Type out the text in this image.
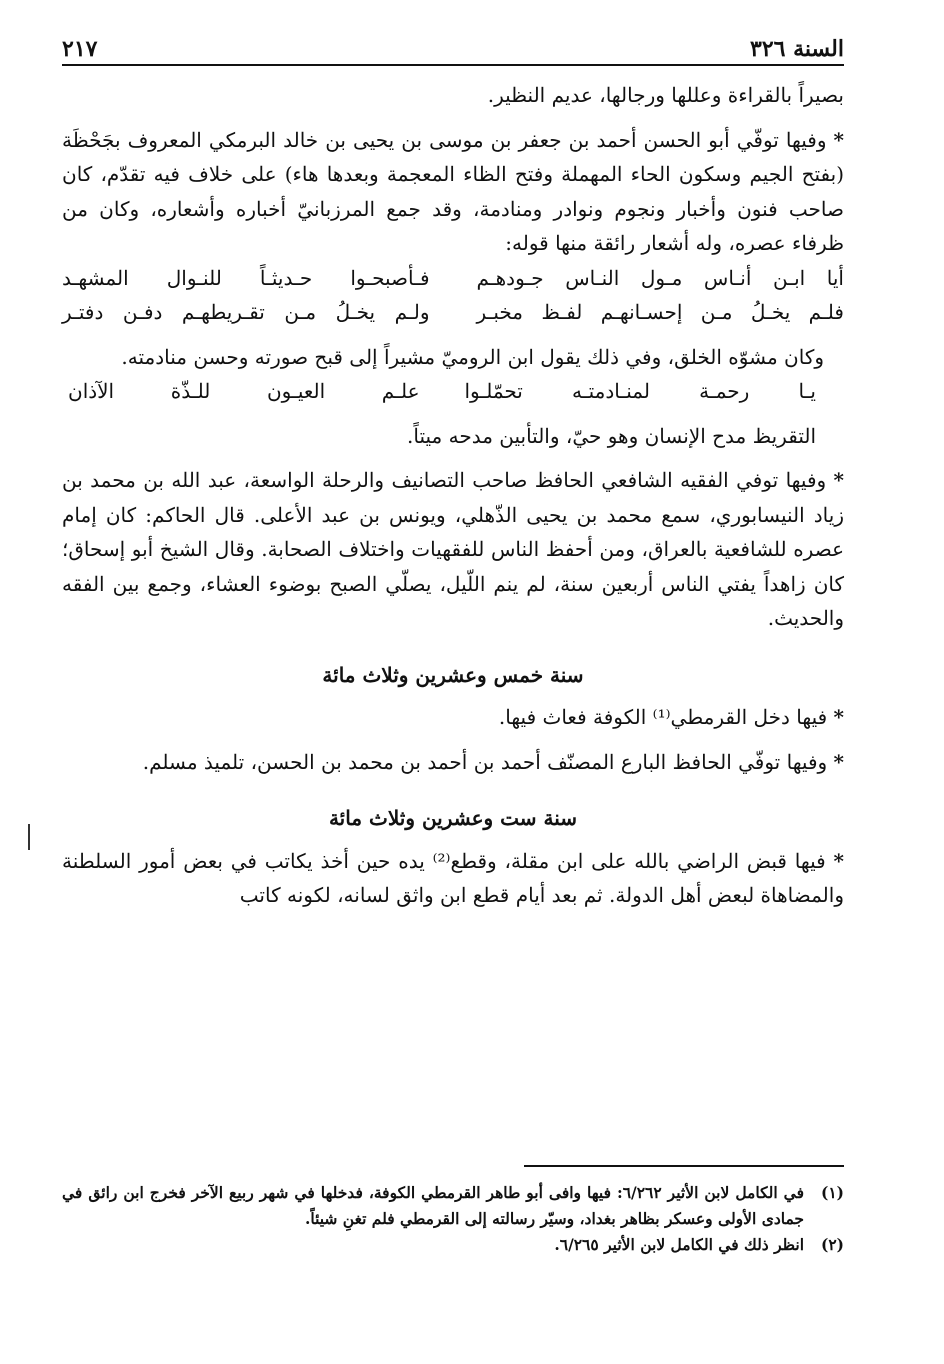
السنة ٣٢٦
٢١٧

بصيراً بالقراءة وعللها ورجالها، عديم النظير.

* وفيها توفّي أبو الحسن أحمد بن جعفر بن موسى بن يحيى بن خالد البرمكي المعروف بجَحْظَة (بفتح الجيم وسكون الحاء المهملة وفتح الظاء المعجمة وبعدها هاء) على خلاف فيه تقدّم، كان صاحب فنون وأخبار ونجوم ونوادر ومنادمة، وقد جمع المرزبانيّ أخباره وأشعاره، وكان من ظرفاء عصره، وله أشعار رائقة منها قوله:

أيا ابـن أنـاس مـول النـاس جـودهـم
فـأصبحـوا حـديثـاً للنـوال المشهـد
فلـم يخـلُ مـن إحسـانهـم لفـظ مخبـر
ولـم يخـلُ مـن تقـريطهـم دفـن دفتـر

وكان مشوّه الخلق، وفي ذلك يقول ابن الروميّ مشيراً إلى قبح صورته وحسن منادمته.

يـا رحمـة لمنـادمتـه تحمّلـوا
علـم العيـون للـذّة الآذان

التقريظ مدح الإنسان وهو حيّ، والتأبين مدحه ميتاً.

* وفيها توفي الفقيه الشافعي الحافظ صاحب التصانيف والرحلة الواسعة، عبد الله بن محمد بن زياد النيسابوري، سمع محمد بن يحيى الذّهلي، ويونس بن عبد الأعلى. قال الحاكم: كان إمام عصره للشافعية بالعراق، ومن أحفظ الناس للفقهيات واختلاف الصحابة. وقال الشيخ أبو إسحاق؛ كان زاهداً يفتي الناس أربعين سنة، لم ينم اللّيل، يصلّي الصبح بوضوء العشاء، وجمع بين الفقه والحديث.

سنة خمس وعشرين وثلاث مائة

* فيها دخل القرمطي⁽¹⁾ الكوفة فعاث فيها.

* وفيها توفّي الحافظ البارع المصنّف أحمد بن أحمد بن محمد بن الحسن، تلميذ مسلم.

سنة ست وعشرين وثلاث مائة

* فيها قبض الراضي بالله على ابن مقلة، وقطع⁽²⁾ يده حين أخذ يكاتب في بعض أمور السلطنة والمضاهاة لبعض أهل الدولة. ثم بعد أيام قطع ابن واثق لسانه، لكونه كاتب

(١)
في الكامل لابن الأثير ٦/٢٦٢: فيها وافى أبو طاهر القرمطي الكوفة، فدخلها في شهر ربيع الآخر فخرج ابن رائق في جمادى الأولى وعسكر بظاهر بغداد، وسيّر رسالته إلى القرمطي فلم تغنِ شيئاً.
(٢)
انظر ذلك في الكامل لابن الأثير ٦/٢٦٥.
